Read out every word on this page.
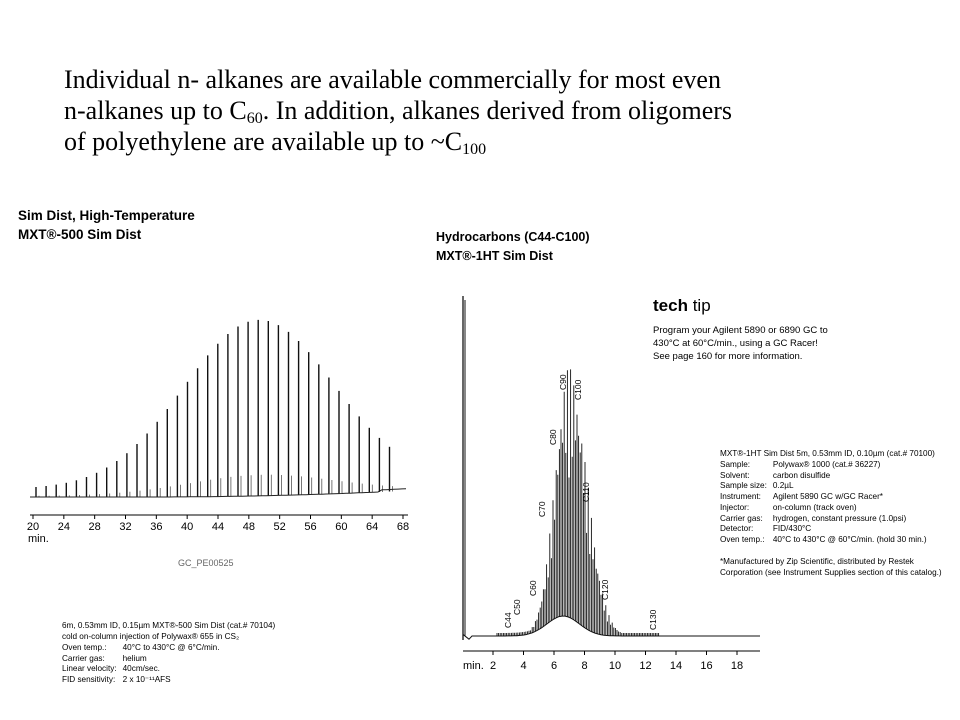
Individual n- alkanes are available commercially for most even
n-alkanes up to $C_{60}$. In addition, alkanes derived from oligomers
of polyethylene are available up to $\sim C_{100}$
Sim Dist, High-Temperature
MXT®-500 Sim Dist	Hydrocarbons (C44-C100)
MXT®-1HT Sim Dist
20 24 28 32 36 40 44 48 52 56 60 64 68
min.
2 4 6 8 10 12 14 16 18
min.
C44
C50
C60
C70
C80
C90 C100
C110
C120
C130
GC_PE00525
6m, 0.53mm ID, 0.15µm MXT®-500 Sim Dist (cat.# 70104)
cold on-column injection of Polywax® 655 in CS₂
Oven temp.:	40°C to 430°C @ 6°C/min.
Carrier gas:	helium
Linear velocity:	40cm/sec.
FID sensitivity:	2 x 10⁻¹¹AFS
tech tip
Program your Agilent 5890 or 6890 GC to 430°C at 60°C/min., using a GC Racer! See page 160 for more information.
MXT®-1HT Sim Dist 5m, 0.53mm ID, 0.10µm (cat.# 70100)
Sample:	Polywax® 1000 (cat.# 36227)
Solvent:	carbon disulfide
Sample size:	0.2µL
Instrument:	Agilent 5890 GC w/GC Racer*
Injector:	on-column (track oven)
Carrier gas:	hydrogen, constant pressure (1.0psi)
Detector:	FID/430°C
Oven temp.:	40°C to 430°C @ 60°C/min. (hold 30 min.)
*Manufactured by Zip Scientific, distributed by Restek Corporation (see Instrument Supplies section of this catalog.)
